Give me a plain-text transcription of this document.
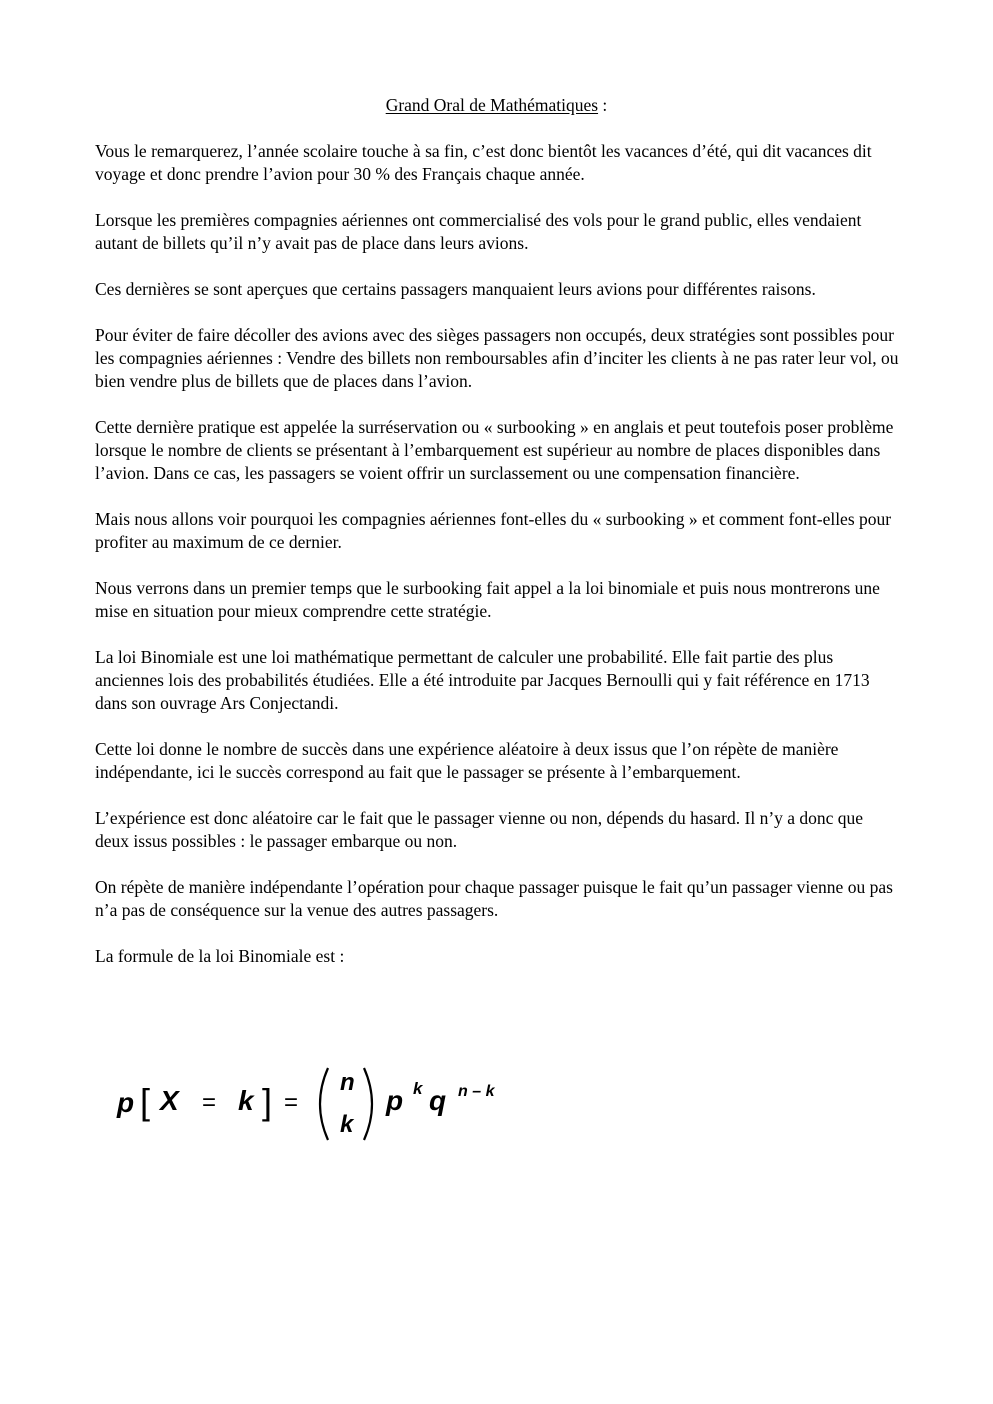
Grand Oral de Mathématiques :

Vous le remarquerez, l’année scolaire touche à sa fin, c’est donc bientôt les vacances d’été, qui dit vacances dit voyage et donc prendre l’avion pour 30 % des Français chaque année.

Lorsque les premières compagnies aériennes ont commercialisé des vols pour le grand public, elles vendaient autant de billets qu’il n’y avait pas de place dans leurs avions.

Ces dernières se sont aperçues que certains passagers manquaient leurs avions pour différentes raisons.

Pour éviter de faire décoller des avions avec des sièges passagers non occupés, deux stratégies sont possibles pour les compagnies aériennes : Vendre des billets non remboursables afin d’inciter les clients à ne pas rater leur vol, ou bien vendre plus de billets que de places dans l’avion.

Cette dernière pratique est appelée la surréservation ou « surbooking » en anglais et peut toutefois poser problème lorsque le nombre de clients se présentant à l’embarquement est supérieur au nombre de places disponibles dans l’avion. Dans ce cas, les passagers se voient offrir un surclassement ou une compensation financière.

Mais nous allons voir pourquoi les compagnies aériennes font-elles du « surbooking » et comment font-elles pour profiter au maximum de ce dernier.

Nous verrons dans un premier temps que le surbooking fait appel a la loi binomiale et puis nous montrerons une mise en situation pour mieux comprendre cette stratégie.

La loi Binomiale est une loi mathématique permettant de calculer une probabilité. Elle fait partie des plus anciennes lois des probabilités étudiées. Elle a été introduite par Jacques Bernoulli qui y fait référence en 1713 dans son ouvrage Ars Conjectandi.

Cette loi donne le nombre de succès dans une expérience aléatoire à deux issus que l’on répète de manière indépendante, ici le succès correspond au fait que le passager se présente à l’embarquement.

L’expérience est donc aléatoire car le fait que le passager vienne ou non, dépends du hasard. Il n’y a donc que deux issus possibles : le passager embarque ou non.

On répète de manière indépendante l’opération pour chaque passager puisque le fait qu’un passager vienne ou pas n’a pas de conséquence sur la venue des autres passagers.

La formule de la loi Binomiale est :

p [ X = k ] =
n
k
p k q n – k
